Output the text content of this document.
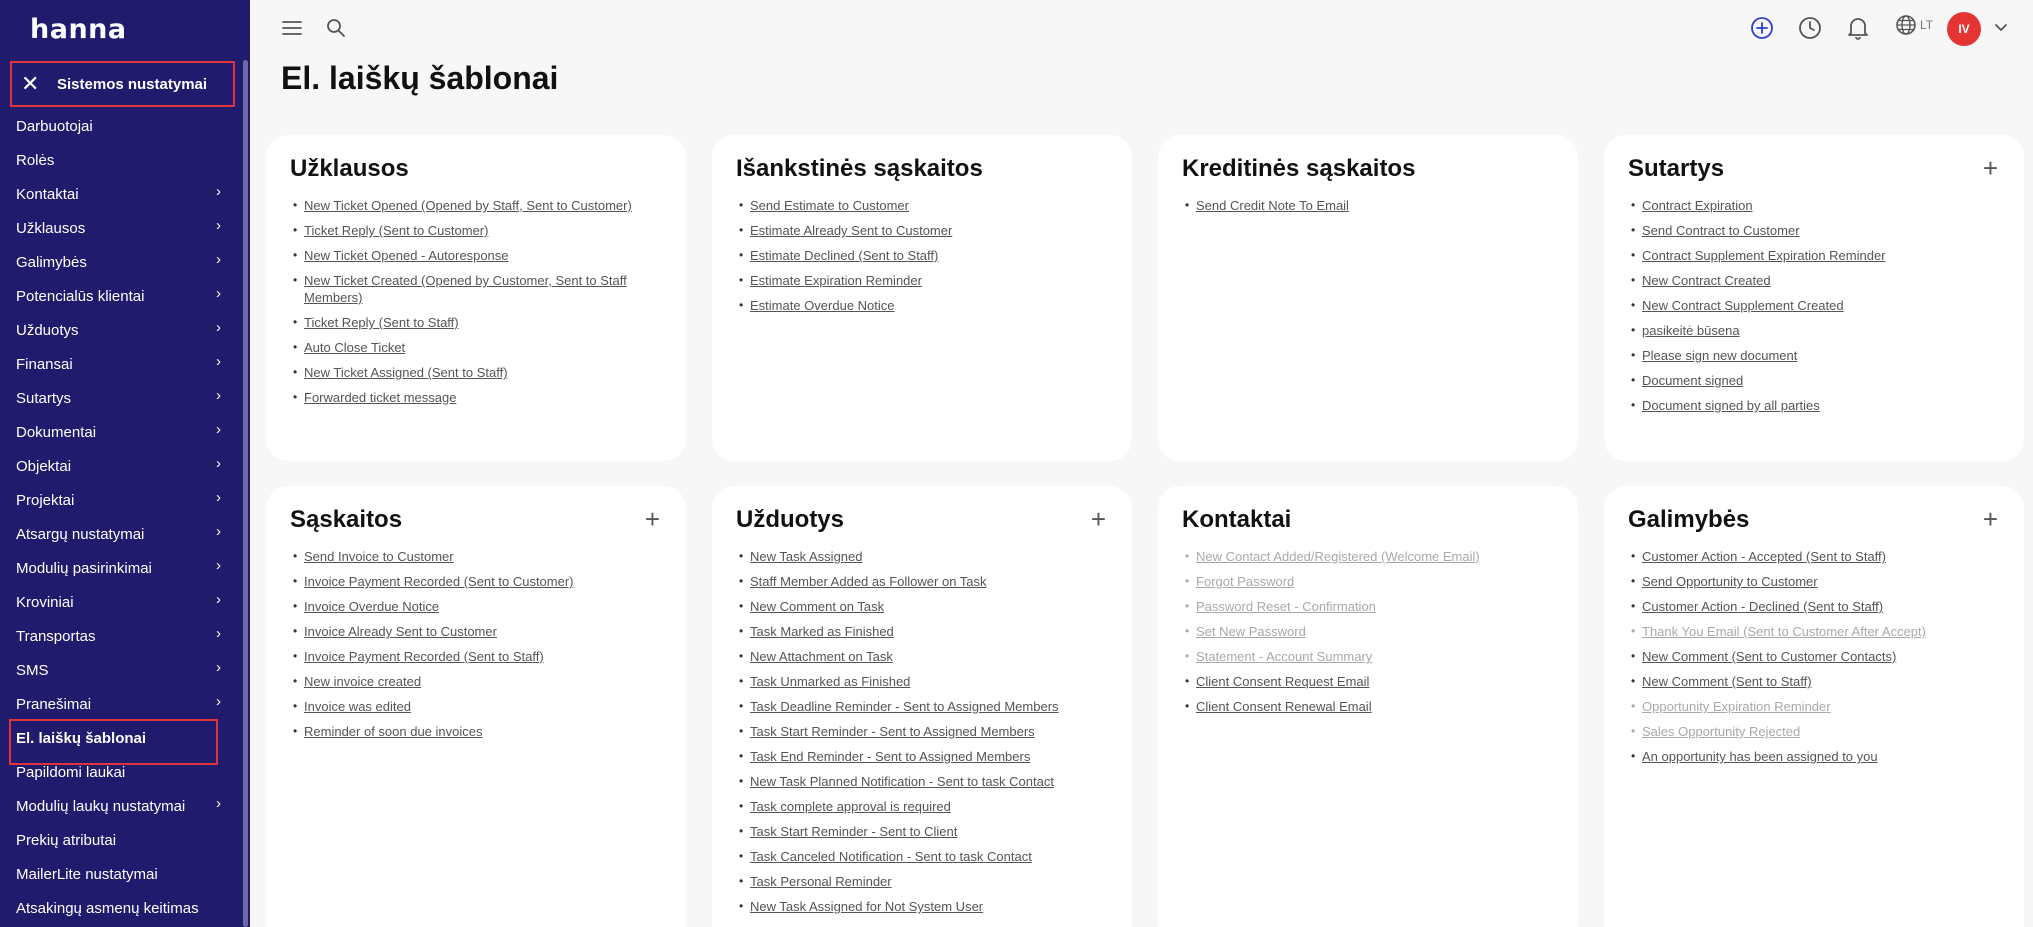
hanna
✕	Sistemos nustatymai
Darbuotojai
Rolės
Kontaktai	›
Užklausos	›
Galimybės	›
Potencialūs klientai	›
Užduotys	›
Finansai	›
Sutartys	›
Dokumentai	›
Objektai	›
Projektai	›
Atsargų nustatymai	›
Modulių pasirinkimai	›
Kroviniai	›
Transportas	›
SMS	›
Pranešimai	›
El. laiškų šablonai
Papildomi laukai
Modulių laukų nustatymai ›
Prekių atributai
MailerLite nustatymai
Atsakingų asmenų keitimas
LT	IV
El. laiškų šablonai
Užklausos
• New Ticket Opened (Opened by Staff, Sent to Customer)
• Ticket Reply (Sent to Customer)
• New Ticket Opened - Autoresponse
• New Ticket Created (Opened by Customer, Sent to Staff Members)
• Ticket Reply (Sent to Staff)
• Auto Close Ticket
• New Ticket Assigned (Sent to Staff)
• Forwarded ticket message
Išankstinės sąskaitos
• Send Estimate to Customer
• Estimate Already Sent to Customer
• Estimate Declined (Sent to Staff)
• Estimate Expiration Reminder
• Estimate Overdue Notice
Kreditinės sąskaitos
• Send Credit Note To Email
Sutartys	+
• Contract Expiration
• Send Contract to Customer
• Contract Supplement Expiration Reminder
• New Contract Created
• New Contract Supplement Created
• pasikeitė būsena
• Please sign new document
• Document signed
• Document signed by all parties
Sąskaitos	+
• Send Invoice to Customer
• Invoice Payment Recorded (Sent to Customer)
• Invoice Overdue Notice
• Invoice Already Sent to Customer
• Invoice Payment Recorded (Sent to Staff)
• New invoice created
• Invoice was edited
• Reminder of soon due invoices
Užduotys	+
• New Task Assigned
• Staff Member Added as Follower on Task
• New Comment on Task
• Task Marked as Finished
• New Attachment on Task
• Task Unmarked as Finished
• Task Deadline Reminder - Sent to Assigned Members
• Task Start Reminder - Sent to Assigned Members
• Task End Reminder - Sent to Assigned Members
• New Task Planned Notification - Sent to task Contact
• Task complete approval is required
• Task Start Reminder - Sent to Client
• Task Canceled Notification - Sent to task Contact
• Task Personal Reminder
• New Task Assigned for Not System User
Kontaktai
• New Contact Added/Registered (Welcome Email)
• Forgot Password
• Password Reset - Confirmation
• Set New Password
• Statement - Account Summary
• Client Consent Request Email
• Client Consent Renewal Email
Galimybės	+
• Customer Action - Accepted (Sent to Staff)
• Send Opportunity to Customer
• Customer Action - Declined (Sent to Staff)
• Thank You Email (Sent to Customer After Accept)
• New Comment (Sent to Customer Contacts)
• New Comment (Sent to Staff)
• Opportunity Expiration Reminder
• Sales Opportunity Rejected
• An opportunity has been assigned to you
